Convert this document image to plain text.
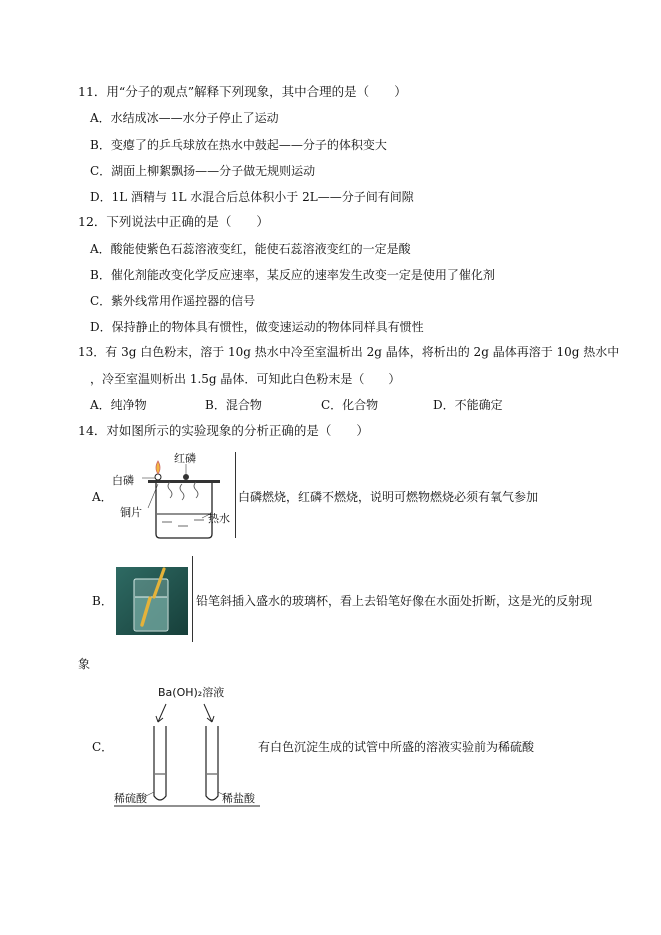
11．用“分子的观点”解释下列现象，其中合理的是（　　）
A．水结成冰——水分子停止了运动
B．变瘪了的乒乓球放在热水中鼓起——分子的体积变大
C．湖面上柳絮飘扬——分子做无规则运动
D．1L 酒精与 1L 水混合后总体积小于 2L——分子间有间隙
12．下列说法中正确的是（　　）
A．酸能使紫色石蕊溶液变红，能使石蕊溶液变红的一定是酸
B．催化剂能改变化学反应速率，某反应的速率发生改变一定是使用了催化剂
C．紫外线常用作遥控器的信号
D．保持静止的物体具有惯性，做变速运动的物体同样具有惯性
13．有 3g 白色粉末，溶于 10g 热水中冷至室温析出 2g 晶体，将析出的 2g 晶体再溶于 10g 热水中
，冷至室温则析出 1.5g 晶体．可知此白色粉末是（　　）
A．纯净物	B．混合物	C．化合物	D．不能确定
14．对如图所示的实验现象的分析正确的是（　　）
A．
白磷
红磷
铜片	热水
白磷燃烧，红磷不燃烧，说明可燃物燃烧必须有氧气参加
B．	铅笔斜插入盛水的玻璃杯，看上去铅笔好像在水面处折断，这是光的反射现
象
C．
Ba(OH)₂溶液
稀硫酸	稀盐酸
有白色沉淀生成的试管中所盛的溶液实验前为稀硫酸
